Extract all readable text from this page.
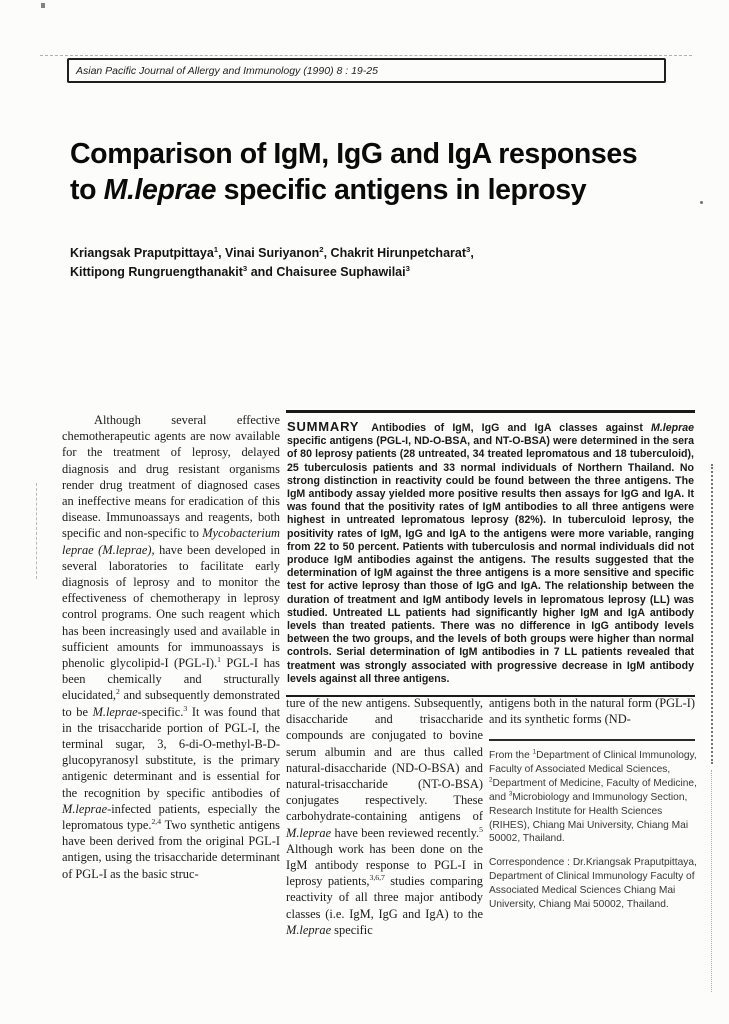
Asian Pacific Journal of Allergy and Immunology (1990) 8 : 19-25
Comparison of IgM, IgG and IgA responses
to M.leprae specific antigens in leprosy
Kriangsak Praputpittaya$^1$, Vinai Suriyanon$^2$, Chakrit Hirunpetcharat$^3$,
Kittipong Rungruengthanakit$^3$ and Chaisuree Suphawilai$^3$

Although several effective chemotherapeutic agents are now available for the treatment of leprosy, delayed diagnosis and drug resistant organisms render drug treatment of diagnosed cases an ineffective means for eradication of this disease. Immunoassays and reagents, both specific and non-specific to Mycobacterium leprae (M.leprae), have been developed in several laboratories to facilitate early diagnosis of leprosy and to monitor the effectiveness of chemotherapy in leprosy control programs. One such reagent which has been increasingly used and available in sufficient amounts for immunoassays is phenolic glycolipid-I (PGL-I).$^1$ PGL-I has been chemically and structurally elucidated,$^2$ and subsequently demonstrated to be M.leprae-specific.$^3$ It was found that in the trisaccharide portion of PGL-I, the terminal sugar, 3, 6-di-O-methyl-B-D-glucopyranosyl substitute, is the primary antigenic determinant and is essential for the recognition by specific antibodies of M.leprae-infected patients, especially the lepromatous type.$^{2,4}$ Two synthetic antigens have been derived from the original PGL-I antigen, using the trisaccharide determinant of PGL-I as the basic struc-

SUMMARY Antibodies of IgM, IgG and IgA classes against M.leprae specific antigens (PGL-I, ND-O-BSA, and NT-O-BSA) were determined in the sera of 80 leprosy patients (28 untreated, 34 treated lepromatous and 18 tuberculoid), 25 tuberculosis patients and 33 normal individuals of Northern Thailand. No strong distinction in reactivity could be found between the three antigens. The IgM antibody assay yielded more positive results then assays for IgG and IgA. It was found that the positivity rates of IgM antibodies to all three antigens were highest in untreated lepromatous leprosy (82%). In tuberculoid leprosy, the positivity rates of IgM, IgG and IgA to the antigens were more variable, ranging from 22 to 50 percent. Patients with tuberculosis and normal individuals did not produce IgM antibodies against the antigens. The results suggested that the determination of IgM against the three antigens is a more sensitive and specific test for active leprosy than those of IgG and IgA. The relationship between the duration of treatment and IgM antibody levels in lepromatous leprosy (LL) was studied. Untreated LL patients had significantly higher IgM and IgA antibody levels than treated patients. There was no difference in IgG antibody levels between the two groups, and the levels of both groups were higher than normal controls. Serial determination of IgM antibodies in 7 LL patients revealed that treatment was strongly associated with progressive decrease in IgM antibody levels against all three antigens.

ture of the new antigens. Subsequently, disaccharide and trisaccharide compounds are conjugated to bovine serum albumin and are thus called natural-disaccharide (ND-O-BSA) and natural-trisaccharide (NT-O-BSA) conjugates respectively. These carbohydrate-containing antigens of M.leprae have been reviewed recently.$^5$ Although work has been done on the IgM antibody response to PGL-I in leprosy patients,$^{3,6,7}$ studies comparing reactivity of all three major antibody classes (i.e. IgM, IgG and IgA) to the M.leprae specific

antigens both in the natural form (PGL-I) and its synthetic forms (ND-

From the $^1$Department of Clinical Immunology, Faculty of Associated Medical Sciences, $^2$Department of Medicine, Faculty of Medicine, and $^3$Microbiology and Immunology Section, Research Institute for Health Sciences (RIHES), Chiang Mai University, Chiang Mai 50002, Thailand.

Correspondence : Dr.Kriangsak Praputpittaya, Department of Clinical Immunology Faculty of Associated Medical Sciences Chiang Mai University, Chiang Mai 50002, Thailand.
